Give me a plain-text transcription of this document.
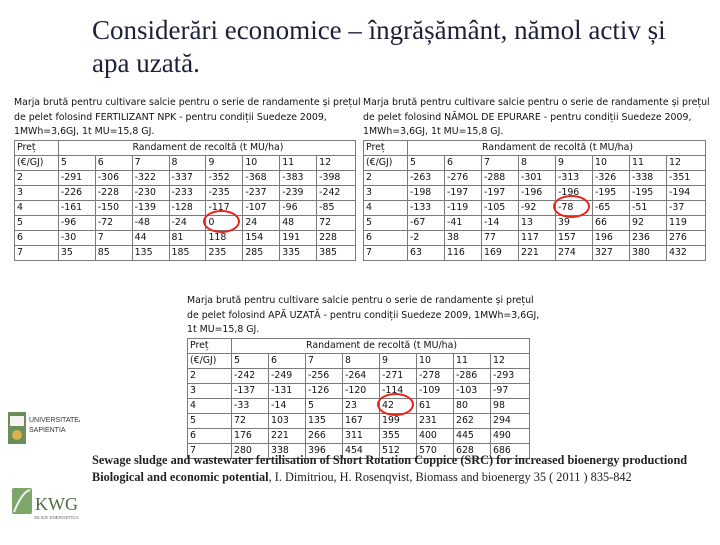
Considerări economice – îngrășământ, nămol activ și apa uzată.
Marja brută pentru cultivare salcie pentru o serie de randamente și prețul
de pelet folosind FERTILIZANT NPK - pentru condiții Suedeze 2009,
1MWh=3,6GJ, 1t MU=15,8 GJ.
Preț	Randament de recoltă (t MU/ha)							
(€/GJ)	5	6	7	8	9	10	11	12
2	-291	-306	-322	-337	-352	-368	-383	-398
3	-226	-228	-230	-233	-235	-237	-239	-242
4	-161	-150	-139	-128	-117	-107	-96	-85
5	-96	-72	-48	-24	0	24	48	72
6	-30	7	44	81	118	154	191	228
7	35	85	135	185	235	285	335	385
Marja brută pentru cultivare salcie pentru o serie de randamente și prețul
de pelet folosind NĂMOL DE EPURARE - pentru condiții Suedeze 2009,
1MWh=3,6GJ, 1t MU=15,8 GJ.
Preț	Randament de recoltă (t MU/ha)							
(€/GJ)	5	6	7	8	9	10	11	12
2	-263	-276	-288	-301	-313	-326	-338	-351
3	-198	-197	-197	-196	-196	-195	-195	-194
4	-133	-119	-105	-92	-78	-65	-51	-37
5	-67	-41	-14	13	39	66	92	119
6	-2	38	77	117	157	196	236	276
7	63	116	169	221	274	327	380	432
Marja brută pentru cultivare salcie pentru o serie de randamente și prețul
de pelet folosind APĂ UZATĂ - pentru condiții Suedeze 2009, 1MWh=3,6GJ,
1t MU=15,8 GJ.
Preț	Randament de recoltă (t MU/ha)							
(€/GJ)	5	6	7	8	9	10	11	12
2	-242	-249	-256	-264	-271	-278	-286	-293
3	-137	-131	-126	-120	-114	-109	-103	-97
4	-33	-14	5	23	42	61	80	98
5	72	103	135	167	199	231	262	294
6	176	221	266	311	355	400	445	490
7	280	338	396	454	512	570	628	686
UNIVERSITATEA
SAPIENTIA
KWG
SILICE ENERGETICA
Sewage sludge and wastewater fertilisation of Short Rotation Coppice (SRC) for increased bioenergy productiond Biological and economic potential, I. Dimitriou, H. Rosenqvist, Biomass and bioenergy 35 ( 2011 ) 835-842
